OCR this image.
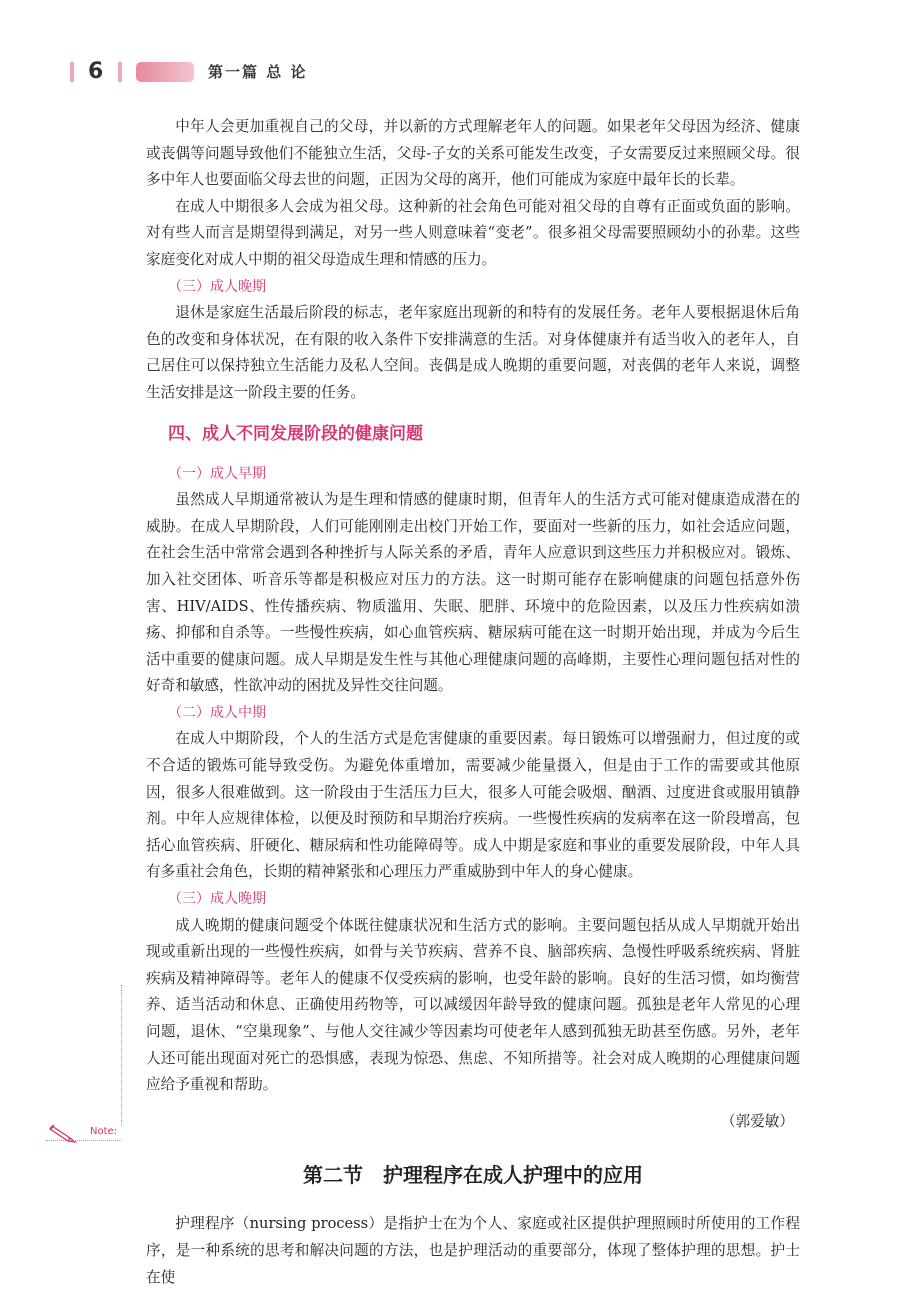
6	第一篇 总 论

中年人会更加重视自己的父母，并以新的方式理解老年人的问题。如果老年父母因为经济、健康或丧偶等问题导致他们不能独立生活，父母-子女的关系可能发生改变，子女需要反过来照顾父母。很多中年人也要面临父母去世的问题，正因为父母的离开，他们可能成为家庭中最年长的长辈。

在成人中期很多人会成为祖父母。这种新的社会角色可能对祖父母的自尊有正面或负面的影响。对有些人而言是期望得到满足，对另一些人则意味着“变老”。很多祖父母需要照顾幼小的孙辈。这些家庭变化对成人中期的祖父母造成生理和情感的压力。

（三）成人晚期

退休是家庭生活最后阶段的标志，老年家庭出现新的和特有的发展任务。老年人要根据退休后角色的改变和身体状况，在有限的收入条件下安排满意的生活。对身体健康并有适当收入的老年人，自己居住可以保持独立生活能力及私人空间。丧偶是成人晚期的重要问题，对丧偶的老年人来说，调整生活安排是这一阶段主要的任务。

四、成人不同发展阶段的健康问题

（一）成人早期

虽然成人早期通常被认为是生理和情感的健康时期，但青年人的生活方式可能对健康造成潜在的威胁。在成人早期阶段，人们可能刚刚走出校门开始工作，要面对一些新的压力，如社会适应问题，在社会生活中常常会遇到各种挫折与人际关系的矛盾，青年人应意识到这些压力并积极应对。锻炼、加入社交团体、听音乐等都是积极应对压力的方法。这一时期可能存在影响健康的问题包括意外伤害、HIV/AIDS、性传播疾病、物质滥用、失眠、肥胖、环境中的危险因素，以及压力性疾病如溃疡、抑郁和自杀等。一些慢性疾病，如心血管疾病、糖尿病可能在这一时期开始出现，并成为今后生活中重要的健康问题。成人早期是发生性与其他心理健康问题的高峰期，主要性心理问题包括对性的好奇和敏感，性欲冲动的困扰及异性交往问题。

（二）成人中期

在成人中期阶段，个人的生活方式是危害健康的重要因素。每日锻炼可以增强耐力，但过度的或不合适的锻炼可能导致受伤。为避免体重增加，需要减少能量摄入，但是由于工作的需要或其他原因，很多人很难做到。这一阶段由于生活压力巨大，很多人可能会吸烟、酗酒、过度进食或服用镇静剂。中年人应规律体检，以便及时预防和早期治疗疾病。一些慢性疾病的发病率在这一阶段增高，包括心血管疾病、肝硬化、糖尿病和性功能障碍等。成人中期是家庭和事业的重要发展阶段，中年人具有多重社会角色，长期的精神紧张和心理压力严重威胁到中年人的身心健康。

（三）成人晚期

成人晚期的健康问题受个体既往健康状况和生活方式的影响。主要问题包括从成人早期就开始出现或重新出现的一些慢性疾病，如骨与关节疾病、营养不良、脑部疾病、急慢性呼吸系统疾病、肾脏疾病及精神障碍等。老年人的健康不仅受疾病的影响，也受年龄的影响。良好的生活习惯，如均衡营养、适当活动和休息、正确使用药物等，可以减缓因年龄导致的健康问题。孤独是老年人常见的心理问题，退休、“空巢现象”、与他人交往减少等因素均可使老年人感到孤独无助甚至伤感。另外，老年人还可能出现面对死亡的恐惧感，表现为惊恐、焦虑、不知所措等。社会对成人晚期的心理健康问题应给予重视和帮助。

（郭爱敏）

第二节　护理程序在成人护理中的应用

护理程序（nursing process）是指护士在为个人、家庭或社区提供护理照顾时所使用的工作程序，是一种系统的思考和解决问题的方法，也是护理活动的重要部分，体现了整体护理的思想。护士在使

Note:
